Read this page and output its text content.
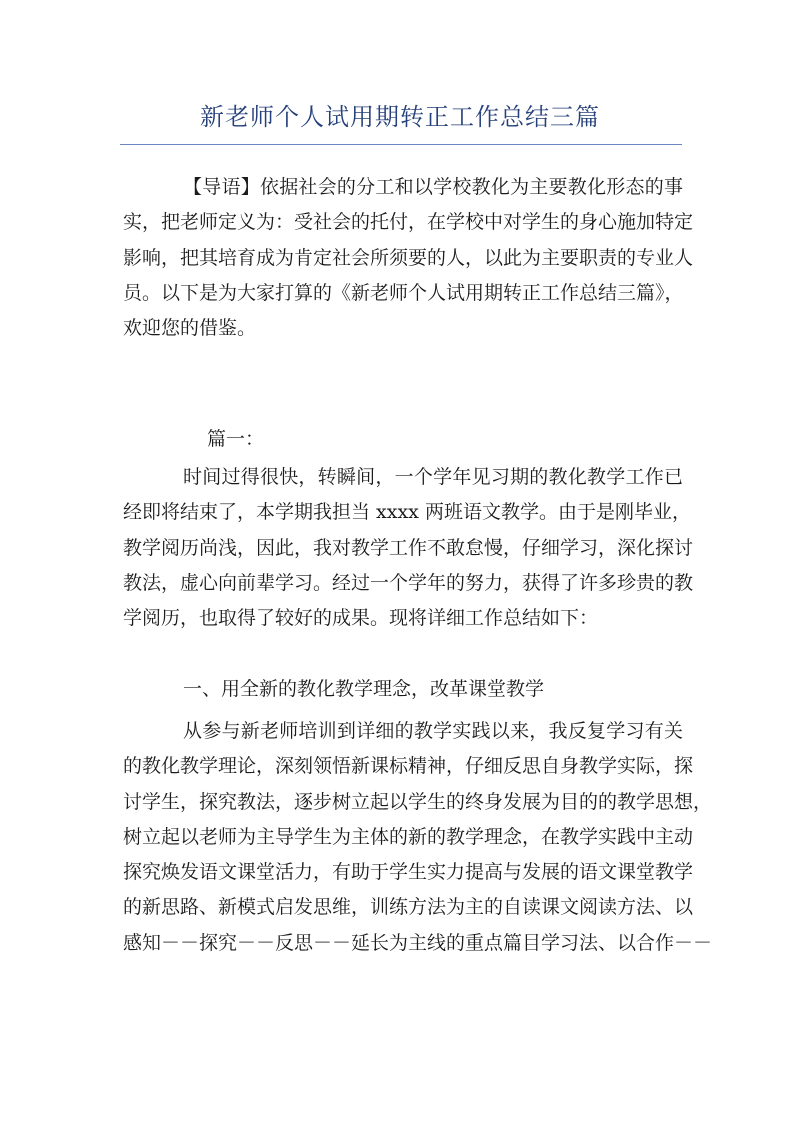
新老师个人试用期转正工作总结三篇
【导语】依据社会的分工和以学校教化为主要教化形态的事
实，把老师定义为：受社会的托付，在学校中对学生的身心施加特定
影响，把其培育成为肯定社会所须要的人，以此为主要职责的专业人
员。以下是为大家打算的《新老师个人试用期转正工作总结三篇》，
欢迎您的借鉴。
篇一：
时间过得很快，转瞬间，一个学年见习期的教化教学工作已
经即将结束了，本学期我担当 xxxx 两班语文教学。由于是刚毕业，
教学阅历尚浅，因此，我对教学工作不敢怠慢，仔细学习，深化探讨
教法，虚心向前辈学习。经过一个学年的努力，获得了许多珍贵的教
学阅历，也取得了较好的成果。现将详细工作总结如下：
一、用全新的教化教学理念，改革课堂教学
从参与新老师培训到详细的教学实践以来，我反复学习有关
的教化教学理论，深刻领悟新课标精神，仔细反思自身教学实际，探
讨学生，探究教法，逐步树立起以学生的终身发展为目的的教学思想，
树立起以老师为主导学生为主体的新的教学理念，在教学实践中主动
探究焕发语文课堂活力，有助于学生实力提高与发展的语文课堂教学
的新思路、新模式启发思维，训练方法为主的自读课文阅读方法、以
感知－－探究－－反思－－延长为主线的重点篇目学习法、以合作－－
